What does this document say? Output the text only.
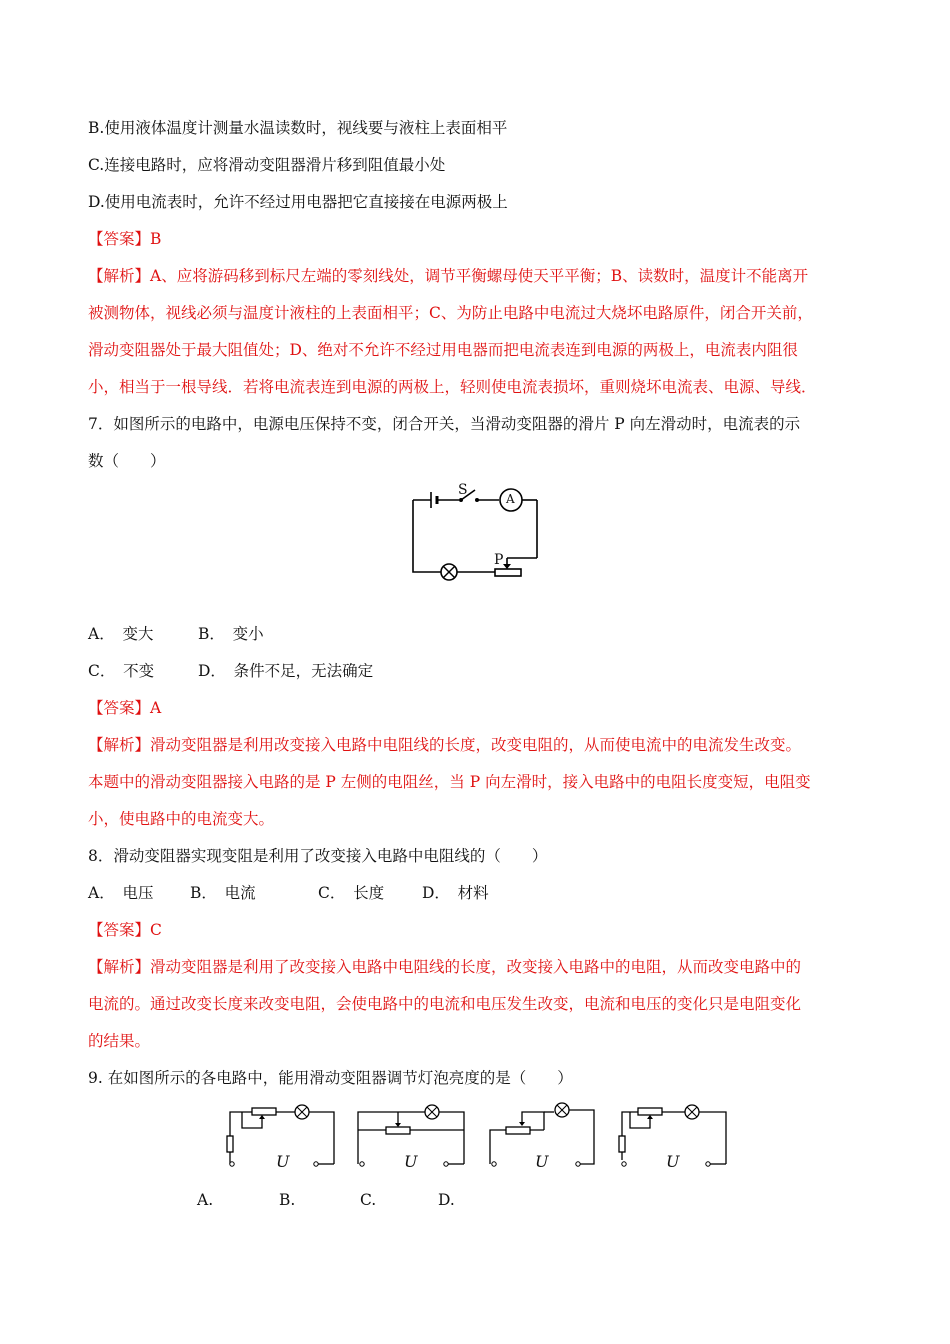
B.使用液体温度计测量水温读数时，视线要与液柱上表面相平
C.连接电路时，应将滑动变阻器滑片移到阻值最小处
D.使用电流表时，允许不经过用电器把它直接接在电源两极上
【答案】B
【解析】A、应将游码移到标尺左端的零刻线处，调节平衡螺母使天平平衡；B、读数时，温度计不能离开
被测物体，视线必须与温度计液柱的上表面相平；C、为防止电路中电流过大烧坏电路原件，闭合开关前，
滑动变阻器处于最大阻值处；D、绝对不允许不经过用电器而把电流表连到电源的两极上，电流表内阻很
小，相当于一根导线．若将电流表连到电源的两极上，轻则使电流表损坏，重则烧坏电流表、电源、导线．
7．如图所示的电路中，电源电压保持不变，闭合开关，当滑动变阻器的滑片 P 向左滑动时，电流表的示
数（　　）
S
A
P
A．　变大	B．　变小
C．　不变	D．　条件不足，无法确定
【答案】A
【解析】滑动变阻器是利用改变接入电路中电阻线的长度，改变电阻的，从而使电流中的电流发生改变。
本题中的滑动变阻器接入电路的是 P 左侧的电阻丝，当 P 向左滑时，接入电路中的电阻长度变短，电阻变
小，使电路中的电流变大。
8．滑动变阻器实现变阻是利用了改变接入电路中电阻线的（　　）
A．　电压 B．　电流	C．　长度 D．　材料
【答案】C
【解析】滑动变阻器是利用了改变接入电路中电阻线的长度，改变接入电路中的电阻，从而改变电路中的
电流的。通过改变长度来改变电阻，会使电路中的电流和电压发生改变，电流和电压的变化只是电阻变化
的结果。
9. 在如图所示的各电路中，能用滑动变阻器调节灯泡亮度的是（　　）
U	U	U	U
A.	B.	C.	D.
